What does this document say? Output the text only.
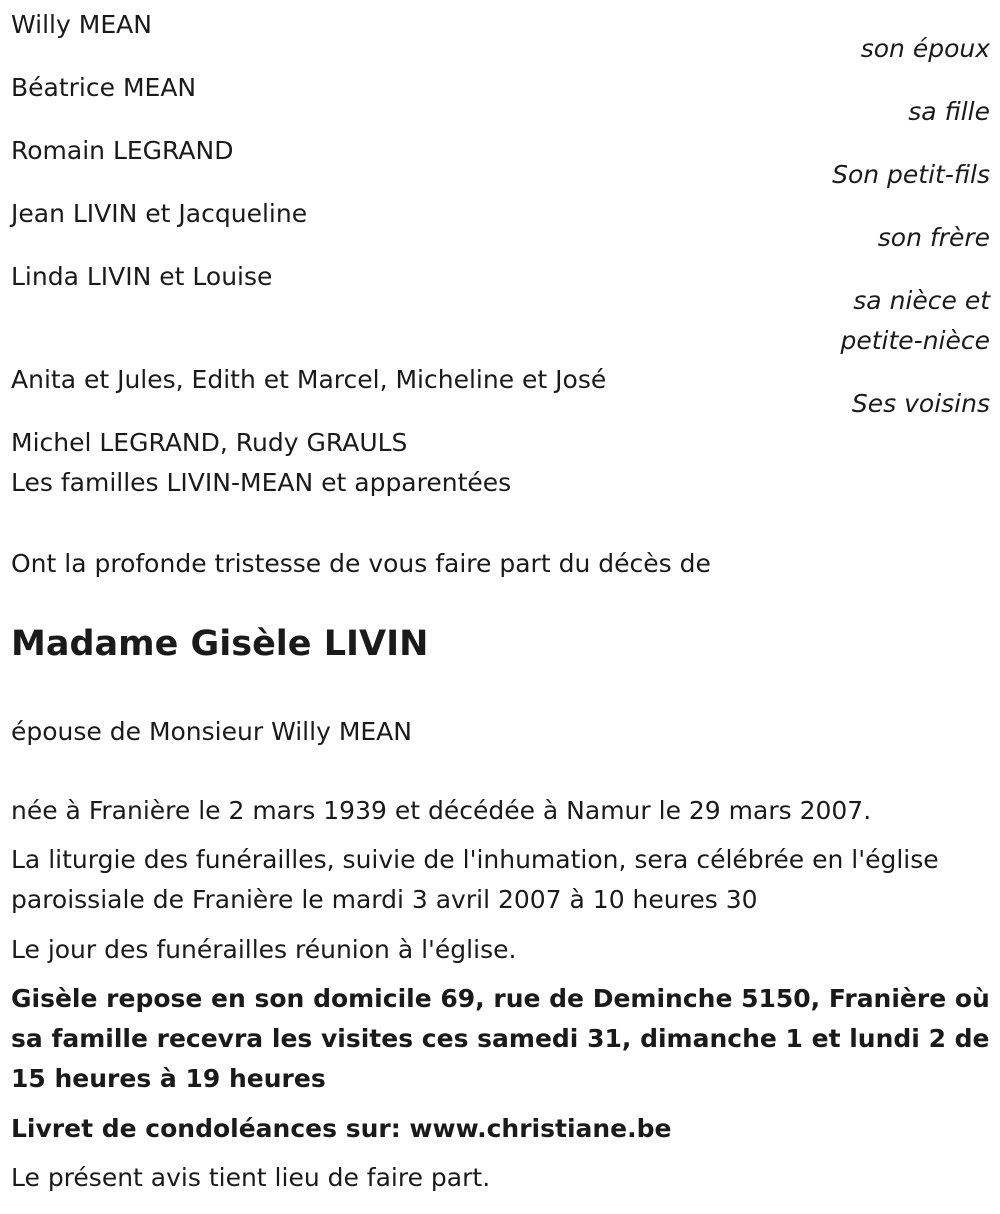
Willy MEAN
Béatrice MEAN
Romain LEGRAND
Jean LIVIN et Jacqueline
Linda LIVIN et Louise
Anita et Jules, Edith et Marcel, Micheline et José
Michel LEGRAND, Rudy GRAULS
Les familles LIVIN-MEAN et apparentées
son époux
sa fille
Son petit-fils
son frère
sa nièce et
petite-nièce
Ses voisins
Ont la profonde tristesse de vous faire part du décès de
Madame Gisèle LIVIN
épouse de Monsieur Willy MEAN
née à Franière le 2 mars 1939 et décédée à Namur le 29 mars 2007.
La liturgie des funérailles, suivie de l'inhumation, sera célébrée en l'église paroissiale de Franière le mardi 3 avril 2007 à 10 heures 30
Le jour des funérailles réunion à l'église.
Gisèle repose en son domicile 69, rue de Deminche 5150, Franière où sa famille recevra les visites ces samedi 31, dimanche 1 et lundi 2 de 15 heures à 19 heures
Livret de condoléances sur: www.christiane.be
Le présent avis tient lieu de faire part.
